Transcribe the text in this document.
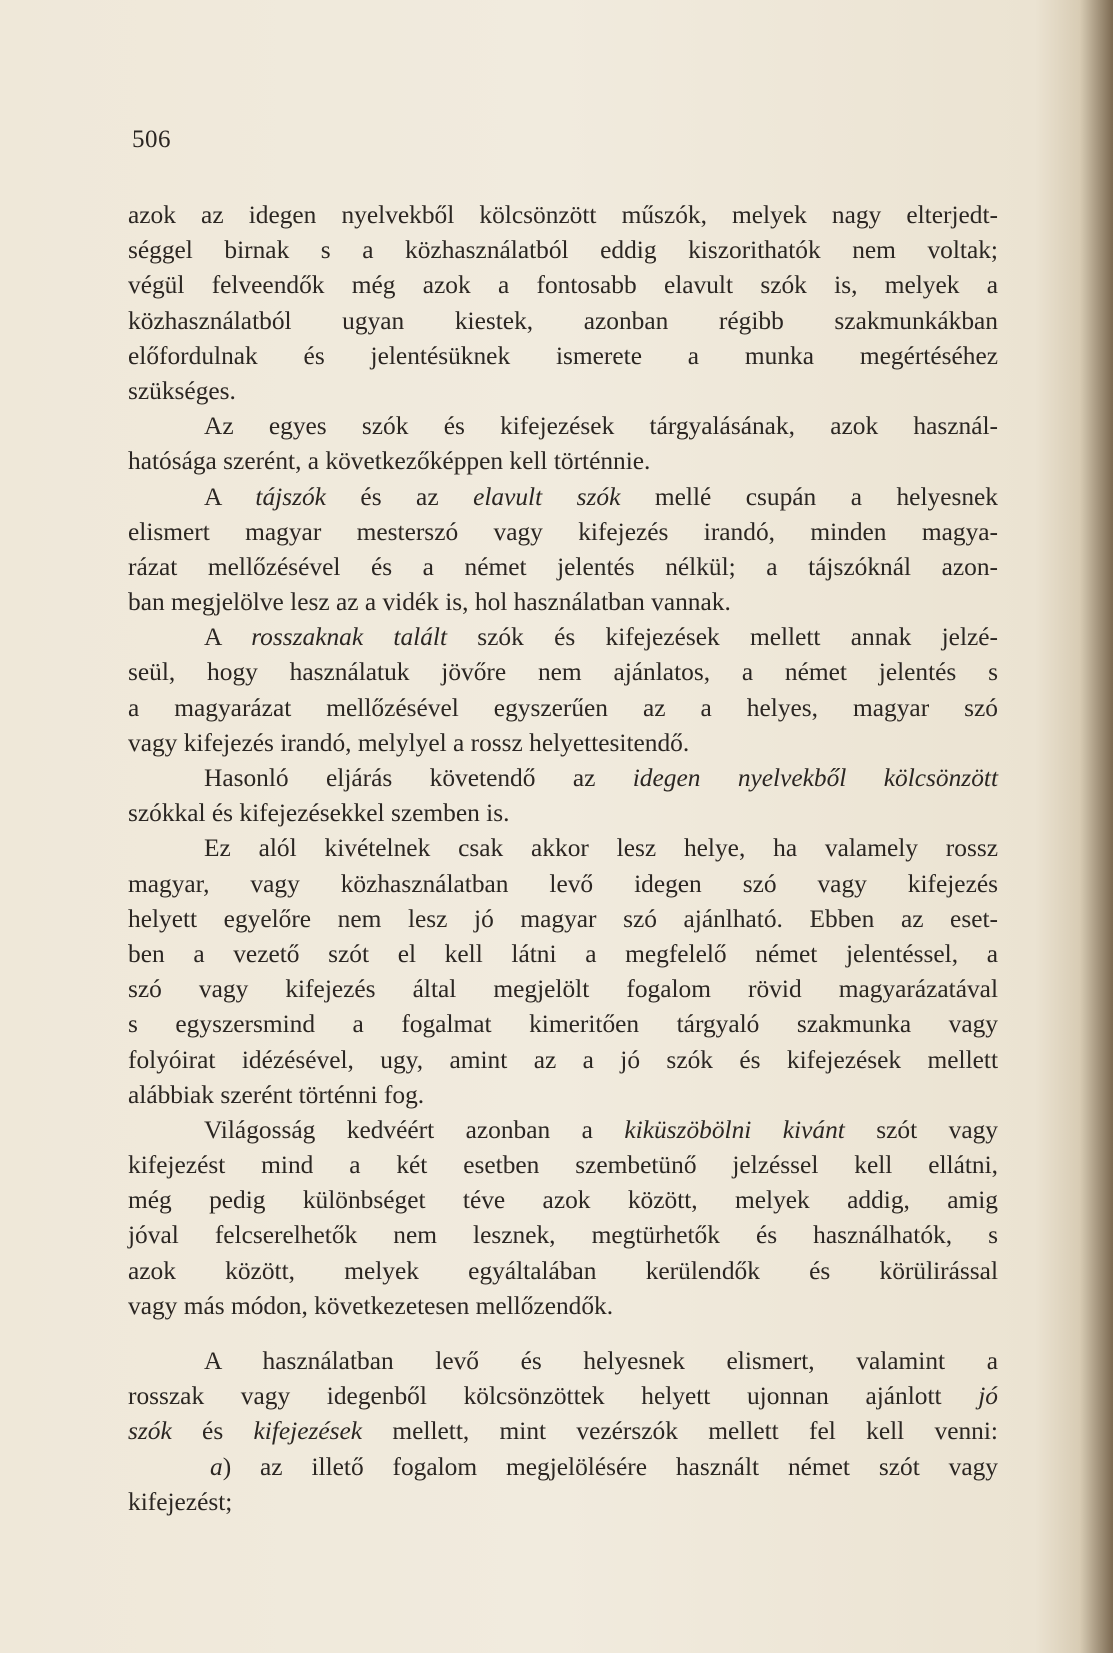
506
azok az idegen nyelvekből kölcsönzött műszók, melyek nagy elterjedt-
séggel birnak s a közhasználatból eddig kiszorithatók nem voltak;
végül felveendők még azok a fontosabb elavult szók is, melyek a
közhasználatból ugyan kiestek, azonban régibb szakmunkákban
előfordulnak és jelentésüknek ismerete a munka megértéséhez
szükséges.
Az egyes szók és kifejezések tárgyalásának, azok használ-
hatósága szerént, a következőképpen kell történnie.
A tájszók és az elavult szók mellé csupán a helyesnek
elismert magyar mesterszó vagy kifejezés irandó, minden magya-
rázat mellőzésével és a német jelentés nélkül; a tájszóknál azon-
ban megjelölve lesz az a vidék is, hol használatban vannak.
A rosszaknak talált szók és kifejezések mellett annak jelzé-
seül, hogy használatuk jövőre nem ajánlatos, a német jelentés s
a magyarázat mellőzésével egyszerűen az a helyes, magyar szó
vagy kifejezés irandó, melylyel a rossz helyettesitendő.
Hasonló eljárás követendő az idegen nyelvekből kölcsönzött
szókkal és kifejezésekkel szemben is.
Ez alól kivételnek csak akkor lesz helye, ha valamely rossz
magyar, vagy közhasználatban levő idegen szó vagy kifejezés
helyett egyelőre nem lesz jó magyar szó ajánlható. Ebben az eset-
ben a vezető szót el kell látni a megfelelő német jelentéssel, a
szó vagy kifejezés által megjelölt fogalom rövid magyarázatával
s egyszersmind a fogalmat kimeritően tárgyaló szakmunka vagy
folyóirat idézésével, ugy, amint az a jó szók és kifejezések mellett
alábbiak szerént történni fog.
Világosság kedvéért azonban a kiküszöbölni kivánt szót vagy
kifejezést mind a két esetben szembetünő jelzéssel kell ellátni,
még pedig különbséget téve azok között, melyek addig, amig
jóval felcserelhetők nem lesznek, megtürhetők és használhatók, s
azok között, melyek egyáltalában kerülendők és körülirással
vagy más módon, következetesen mellőzendők.
A használatban levő és helyesnek elismert, valamint a
rosszak vagy idegenből kölcsönzöttek helyett ujonnan ajánlott jó
szók és kifejezések mellett, mint vezérszók mellett fel kell venni:
a) az illető fogalom megjelölésére használt német szót vagy
kifejezést;
